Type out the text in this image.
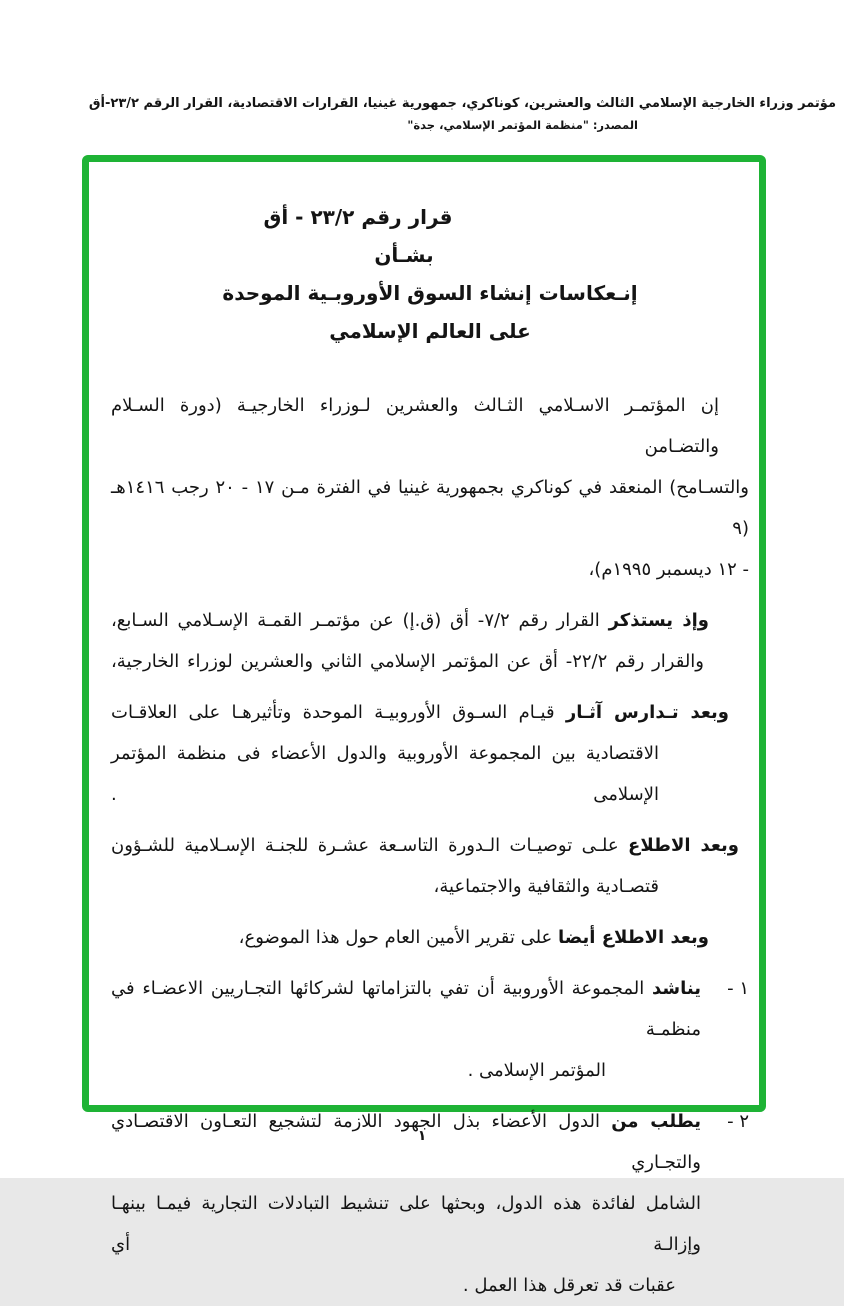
مؤتمر وزراء الخارجية الإسلامي الثالث والعشرين، كوناكري، جمهورية غينيا، القرارات الاقتصادية، القرار الرقم ٢٣/٢-أق
المصدر: "منظمة المؤتمر الإسلامي، جدة"
قرار رقم ٢٣/٢ - أق
بشـأن
إنـعكاسات إنشاء السوق الأوروبـية الموحدة
على العالم الإسلامي
إن المؤتمـر الاسـلامي الثـالث والعشرين لـوزراء الخارجيـة (دورة السـلام والتضـامن
والتسـامح) المنعقد في كوناكري بجمهورية غينيا في الفترة مـن ١٧ - ٢٠ رجب ١٤١٦هـ (٩
- ١٢ ديسمبر ١٩٩٥م)،
وإذ يستذكر القرار رقم ٧/٢- أق (ق.إ) عن مؤتمـر القمـة الإسـلامي السـابع،
والقرار رقم ٢٢/٢- أق عن المؤتمر الإسلامي الثاني والعشرين لوزراء الخارجية،
وبعد تـدارس آثـار قيـام السـوق الأوروبيـة الموحدة وتأثيرهـا على العلاقـات
الاقتصادية بين المجموعة الأوروبية والدول الأعضاء فى منظمة المؤتمر الإسلامى .
وبعد الاطلاع علـى توصيـات الـدورة التاسـعة عشـرة للجنـة الإسـلامية للشـؤون
قتصـادية والثقافية والاجتماعية،
وبعد الاطلاع أيضا على تقرير الأمين العام حول هذا الموضوع،
١ -
يناشد المجموعة الأوروبية أن تفي بالتزاماتها لشركائها التجـاريين الاعضـاء في منظمـة
المؤتمر الإسلامى .
٢ -
يطلب من الدول الأعضاء بذل الجهود اللازمة لتشجيع التعـاون الاقتصـادي والتجـاري
الشامل لفائدة هذه الدول، وبحثها على تنشيط التبادلات التجارية فيمـا بينهـا وإزالـة أي
عقبات قد تعرقل هذا العمل .
١
